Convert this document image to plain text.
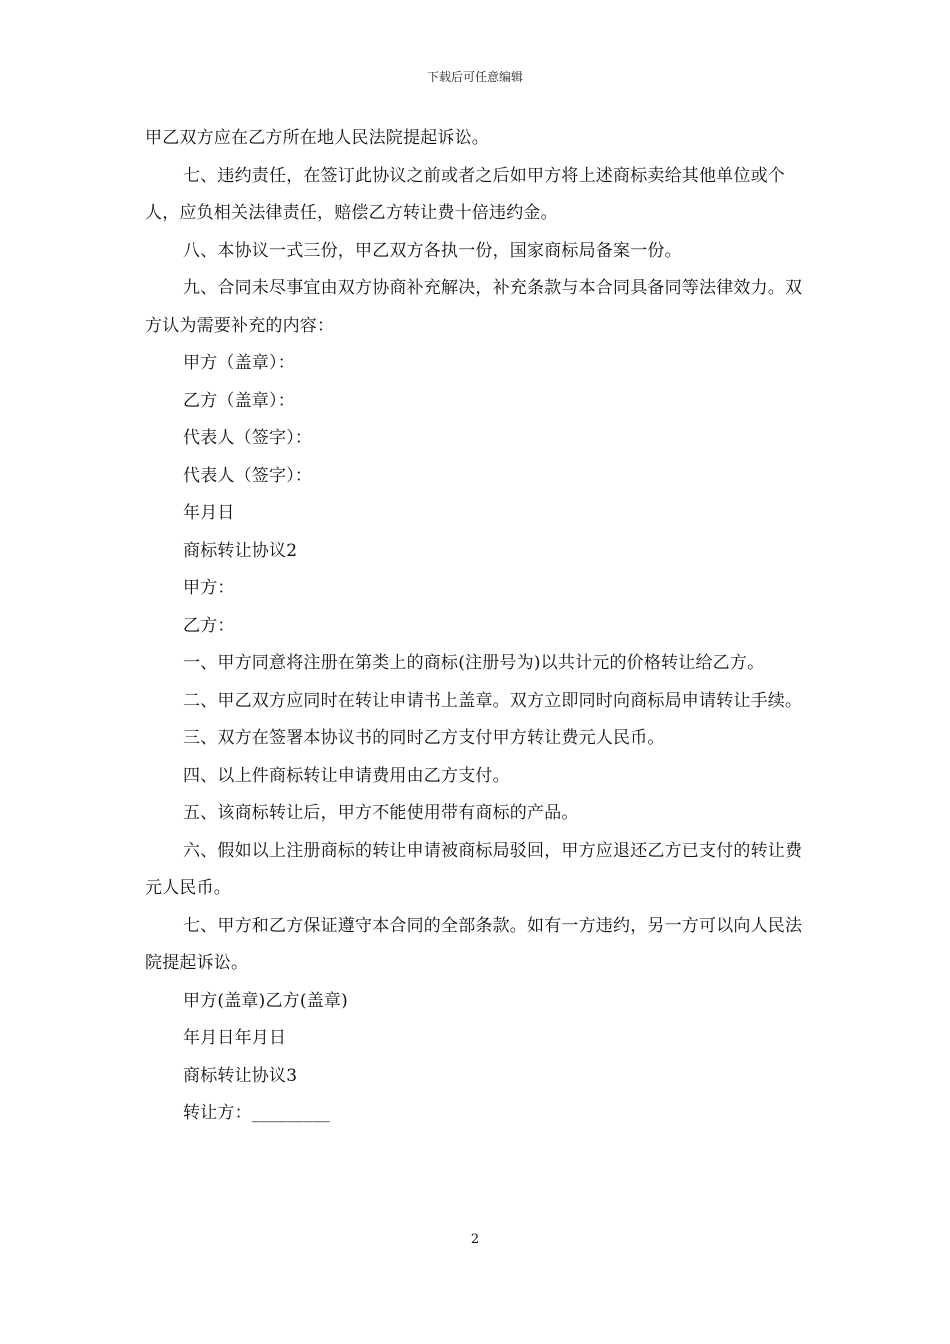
下载后可任意编辑

甲乙双方应在乙方所在地人民法院提起诉讼。

七、违约责任，在签订此协议之前或者之后如甲方将上述商标卖给其他单位或个人，应负相关法律责任，赔偿乙方转让费十倍违约金。

八、本协议一式三份，甲乙双方各执一份，国家商标局备案一份。

九、合同未尽事宜由双方协商补充解决，补充条款与本合同具备同等法律效力。双方认为需要补充的内容：

甲方（盖章）：

乙方（盖章）：

代表人（签字）：

代表人（签字）：

年月日

商标转让协议2

甲方：

乙方：

一、甲方同意将注册在第类上的商标(注册号为)以共计元的价格转让给乙方。

二、甲乙双方应同时在转让申请书上盖章。双方立即同时向商标局申请转让手续。

三、双方在签署本协议书的同时乙方支付甲方转让费元人民币。

四、以上件商标转让申请费用由乙方支付。

五、该商标转让后，甲方不能使用带有商标的产品。

六、假如以上注册商标的转让申请被商标局驳回，甲方应退还乙方已支付的转让费元人民币。

七、甲方和乙方保证遵守本合同的全部条款。如有一方违约，另一方可以向人民法院提起诉讼。

甲方(盖章)乙方(盖章)

年月日年月日

商标转让协议3

转让方：_________

2
